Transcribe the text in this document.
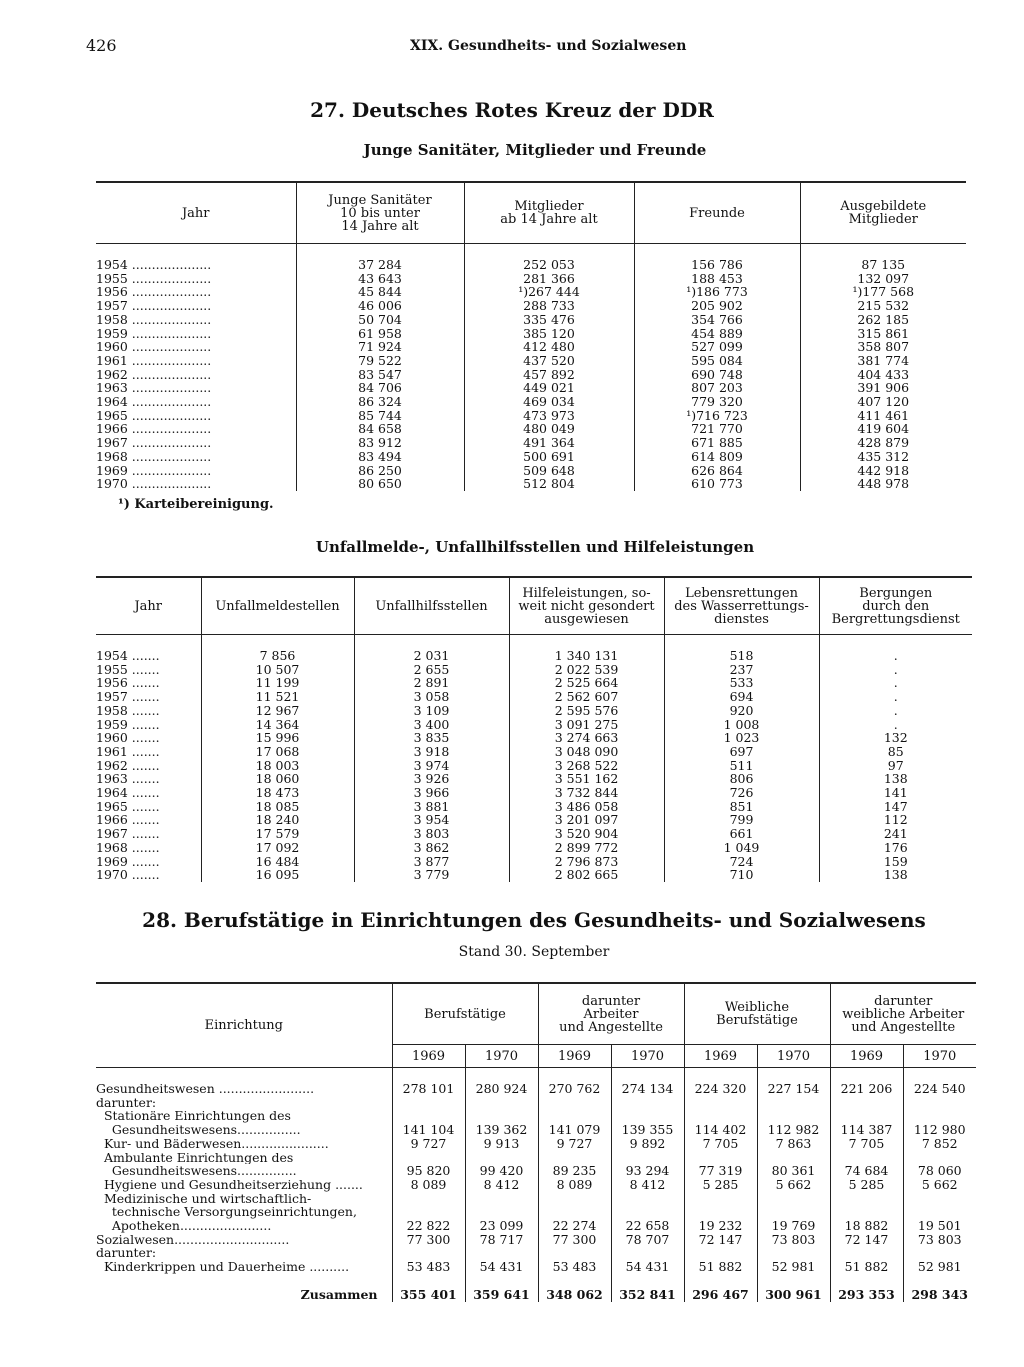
426	XIX. Gesundheits- und Sozialwesen
27. Deutsches Rotes Kreuz der DDR
Junge Sanitäter, Mitglieder und Freunde
Jahr	Junge Sanitäter
10 bis unter
14 Jahre alt	Mitglieder
ab 14 Jahre alt	Freunde	Ausgebildete
Mitglieder

1954 ....................	37 284	252 053	156 786	87 135
1955 ....................	43 643	281 366	188 453	132 097
1956 ....................	45 844	¹)267 444	¹)186 773	¹)177 568
1957 ....................	46 006	288 733	205 902	215 532
1958 ....................	50 704	335 476	354 766	262 185
1959 ....................	61 958	385 120	454 889	315 861
1960 ....................	71 924	412 480	527 099	358 807
1961 ....................	79 522	437 520	595 084	381 774
1962 ....................	83 547	457 892	690 748	404 433
1963 ....................	84 706	449 021	807 203	391 906
1964 ....................	86 324	469 034	779 320	407 120
1965 ....................	85 744	473 973	¹)716 723	411 461
1966 ....................	84 658	480 049	721 770	419 604
1967 ....................	83 912	491 364	671 885	428 879
1968 ....................	83 494	500 691	614 809	435 312
1969 ....................	86 250	509 648	626 864	442 918
1970 ....................	80 650	512 804	610 773	448 978
¹) Karteibereinigung.
Unfallmelde-, Unfallhilfsstellen und Hilfeleistungen
Jahr	Unfallmeldestellen	Unfallhilfsstellen	Hilfeleistungen, so-
weit nicht gesondert
ausgewiesen	Lebensrettungen
des Wasserrettungs-
dienstes	Bergungen
durch den
Bergrettungsdienst

1954 .......	7 856	2 031	1 340 131	518	.
1955 .......	10 507	2 655	2 022 539	237	.
1956 .......	11 199	2 891	2 525 664	533	.
1957 .......	11 521	3 058	2 562 607	694	.
1958 .......	12 967	3 109	2 595 576	920	.
1959 .......	14 364	3 400	3 091 275	1 008	.
1960 .......	15 996	3 835	3 274 663	1 023	132
1961 .......	17 068	3 918	3 048 090	697	85
1962 .......	18 003	3 974	3 268 522	511	97
1963 .......	18 060	3 926	3 551 162	806	138
1964 .......	18 473	3 966	3 732 844	726	141
1965 .......	18 085	3 881	3 486 058	851	147
1966 .......	18 240	3 954	3 201 097	799	112
1967 .......	17 579	3 803	3 520 904	661	241
1968 .......	17 092	3 862	2 899 772	1 049	176
1969 .......	16 484	3 877	2 796 873	724	159
1970 .......	16 095	3 779	2 802 665	710	138
28. Berufstätige in Einrichtungen des Gesundheits- und Sozialwesens
Stand 30. September
Einrichtung	Berufstätige		darunter
Arbeiter
und Angestellte		Weibliche
Berufstätige		darunter
weibliche Arbeiter
und Angestellte	
	1969	1970	1969	1970	1969	1970	1969	1970

Gesundheitswesen ........................	278 101	280 924	270 762	274 134	224 320	227 154	221 206	224 540
darunter:								
Stationäre Einrichtungen des								
Gesundheitswesens................	141 104	139 362	141 079	139 355	114 402	112 982	114 387	112 980
Kur- und Bäderwesen......................	9 727	9 913	9 727	9 892	7 705	7 863	7 705	7 852
Ambulante Einrichtungen des								
Gesundheitswesens...............	95 820	99 420	89 235	93 294	77 319	80 361	74 684	78 060
Hygiene und Gesundheitserziehung .......	8 089	8 412	8 089	8 412	5 285	5 662	5 285	5 662
Medizinische und wirtschaftlich-								
technische Versorgungseinrichtungen,								
Apotheken.......................	22 822	23 099	22 274	22 658	19 232	19 769	18 882	19 501
Sozialwesen.............................	77 300	78 717	77 300	78 707	72 147	73 803	72 147	73 803
darunter:								
Kinderkrippen und Dauerheime ..........	53 483	54 431	53 483	54 431	51 882	52 981	51 882	52 981

Zusammen	355 401	359 641	348 062	352 841	296 467	300 961	293 353	298 343
